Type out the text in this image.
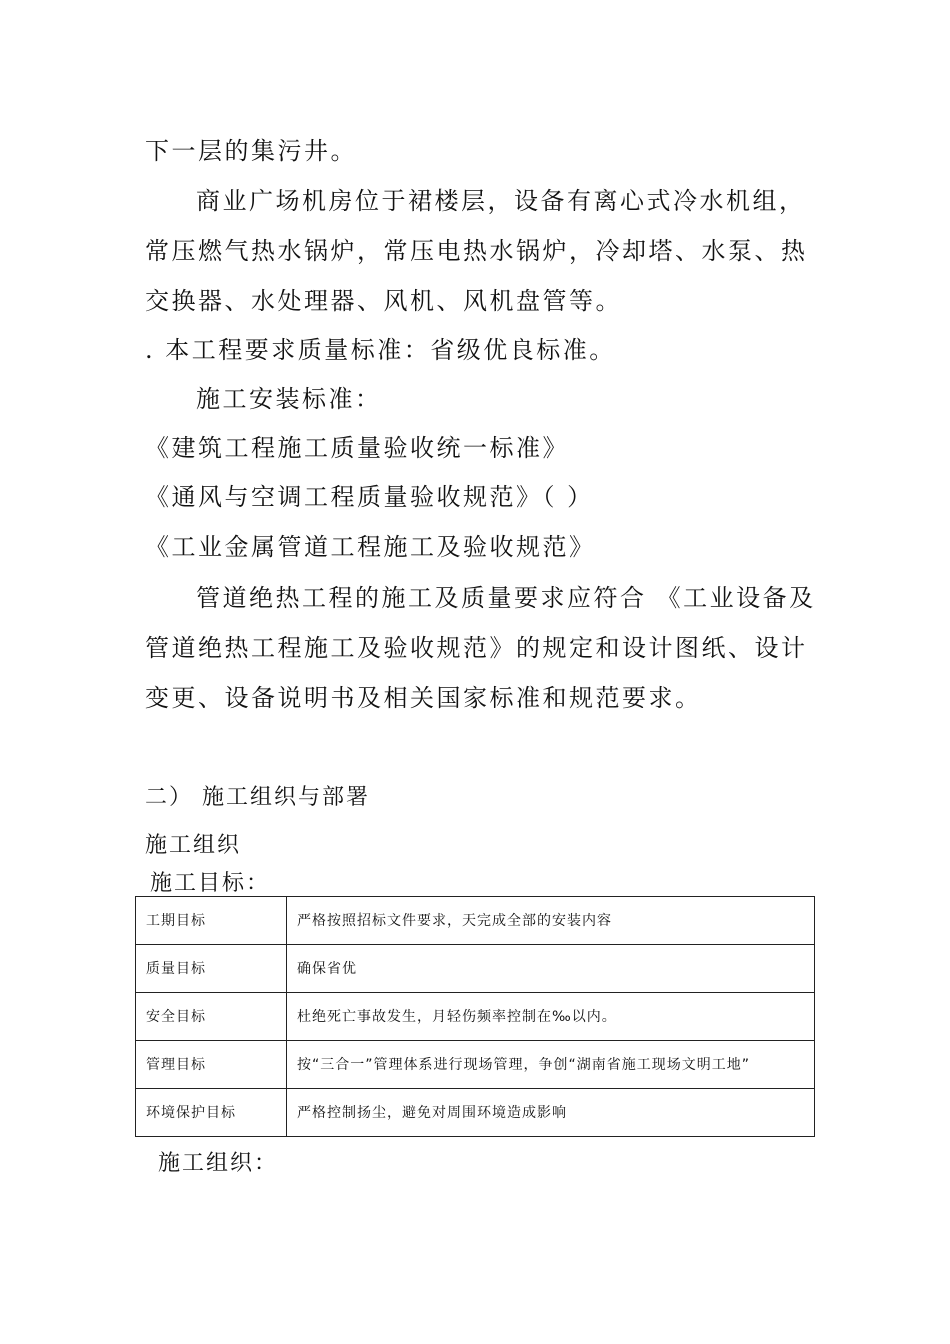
下一层的集污井。
商业广场机房位于裙楼层，设备有离心式冷水机组，
常压燃气热水锅炉，常压电热水锅炉，冷却塔、水泵、热
交换器、水处理器、风机、风机盘管等。
. 本工程要求质量标准：省级优良标准。
施工安装标准：
《建筑工程施工质量验收统一标准》
《通风与空调工程质量验收规范》（ ）
《工业金属管道工程施工及验收规范》
管道绝热工程的施工及质量要求应符合 《工业设备及
管道绝热工程施工及验收规范》的规定和设计图纸、设计
变更、设备说明书及相关国家标准和规范要求。
二） 施工组织与部署
施工组织
施工目标：
工期目标	严格按照招标文件要求，天完成全部的安装内容
质量目标	确保省优
安全目标	杜绝死亡事故发生，月轻伤频率控制在‰以内。
管理目标	按“三合一”管理体系进行现场管理，争创“湖南省施工现场文明工地”
环境保护目标	严格控制扬尘，避免对周围环境造成影响
施工组织：
